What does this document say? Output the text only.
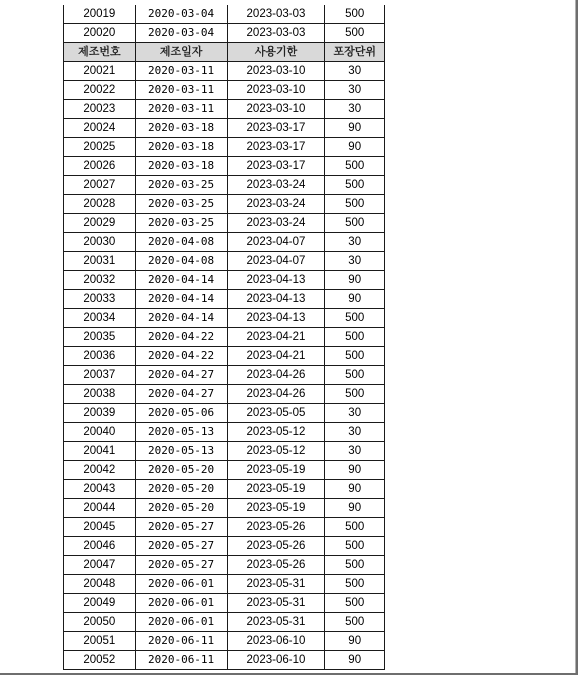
20019	2020-03-04	2023-03-03	500
20020	2020-03-04	2023-03-03	500
제조번호	제조일자	사용기한	포장단위
20021	2020-03-11	2023-03-10	30
20022	2020-03-11	2023-03-10	30
20023	2020-03-11	2023-03-10	30
20024	2020-03-18	2023-03-17	90
20025	2020-03-18	2023-03-17	90
20026	2020-03-18	2023-03-17	500
20027	2020-03-25	2023-03-24	500
20028	2020-03-25	2023-03-24	500
20029	2020-03-25	2023-03-24	500
20030	2020-04-08	2023-04-07	30
20031	2020-04-08	2023-04-07	30
20032	2020-04-14	2023-04-13	90
20033	2020-04-14	2023-04-13	90
20034	2020-04-14	2023-04-13	500
20035	2020-04-22	2023-04-21	500
20036	2020-04-22	2023-04-21	500
20037	2020-04-27	2023-04-26	500
20038	2020-04-27	2023-04-26	500
20039	2020-05-06	2023-05-05	30
20040	2020-05-13	2023-05-12	30
20041	2020-05-13	2023-05-12	30
20042	2020-05-20	2023-05-19	90
20043	2020-05-20	2023-05-19	90
20044	2020-05-20	2023-05-19	90
20045	2020-05-27	2023-05-26	500
20046	2020-05-27	2023-05-26	500
20047	2020-05-27	2023-05-26	500
20048	2020-06-01	2023-05-31	500
20049	2020-06-01	2023-05-31	500
20050	2020-06-01	2023-05-31	500
20051	2020-06-11	2023-06-10	90
20052	2020-06-11	2023-06-10	90
